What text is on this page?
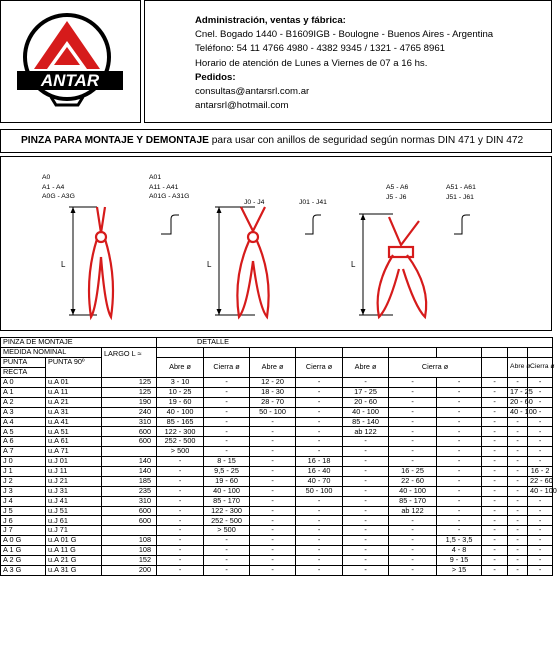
ANTAR
Administración, ventas y fábrica:
Cnel. Bogado 1440 - B1609IGB - Boulogne - Buenos Aires - Argentina
Teléfono: 54 11 4766 4980 - 4382 9345 / 1321 - 4765 8961
Horario de atención de Lunes a Viernes de 07 a 16 hs.
Pedidos:
consultas@antarsrl.com.ar
antarsrl@hotmail.com
PINZA PARA MONTAJE Y DEMONTAJE para usar con anillos de seguridad según normas DIN 471 y DIN 472
A0
A1 - A4
A0G - A3G
A01
A11 - A41
A01G - A31G
J0 - J4	J01 - J41
A5 - A6
J5 - J6
A51 - A61
J51 - J61
L	L	L
PINZA DE MONTAJE			DETALLE									
MEDIDA NOMINAL		LARGO L ≈										
PUNTA	PUNTA 90º		Abre ø	Cierra ø	Abre ø	Cierra ø	Abre ø	Cierra ø			Abre ø	Cierra ø
RECTA												
A 0	u.A 01	125	3 - 10	-	12 - 20	-	-	-	-	-	-	-
A 1	u.A 11	125	10 - 25	-	18 - 30	-	17 - 25	-	-	-	17 - 25	-
A 2	u.A 21	190	19 - 60	-	28 - 70	-	20 - 60	-	-	-	20 - 60	-
A 3	u.A 31	240	40 - 100	-	50 - 100	-	40 - 100	-	-	-	40 - 100	-
A 4	u.A 41	310	85 - 165	-	-	-	85 - 140	-	-	-	-	-
A 5	u.A 51	600	122 - 300	-	-	-	ab 122	-	-	-	-	-
A 6	u.A 61	600	252 - 500	-	-	-	-	-	-	-	-	-
A 7	u.A 71		> 500	-	-	-	-	-	-	-	-	-
J 0	u.J 01	140	-	8 - 15	-	16 - 18	-	-	-	-	-	-
J 1	u.J 11	140	-	9,5 - 25	-	16 - 40	-	16 - 25	-	-	-	16 - 2
J 2	u.J 21	185	-	19 - 60	-	40 - 70	-	22 - 60	-	-	-	22 - 60
J 3	u.J 31	235	-	40 - 100	-	50 - 100	-	40 - 100	-	-	-	40 - 100
J 4	u.J 41	310	-	85 - 170	-	-	-	85 - 170	-	-	-	-
J 5	u.J 51	600	-	122 - 300	-	-	-	ab 122	-	-	-	-
J 6	u.J 61	600	-	252 - 500	-	-	-	-	-	-	-	-
J 7	u.J 71		-	> 500	-	-	-	-	-	-	-	-
A 0 G	u.A 01 G	108	-	-	-	-	-	-	1,5 - 3,5	-	-	-
A 1 G	u.A 11 G	108	-	-	-	-	-	-	4 - 8	-	-	-
A 2 G	u.A 21 G	152	-	-	-	-	-	-	9 - 15	-	-	-
A 3 G	u.A 31 G	200	-	-	-	-	-	-	> 15	-	-	-
